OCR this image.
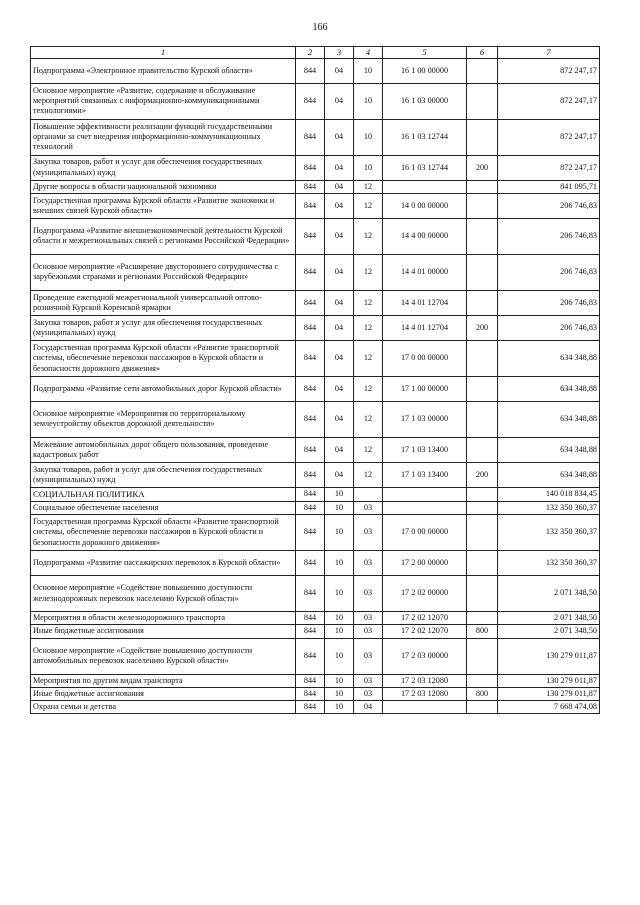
166
1	2	3	4	5	6	7
Подпрограмма «Электронное правительство Курской области»	844	04	10	16 1 00 00000		872 247,17
Основное мероприятие «Развитие, содержание и обслуживание мероприятий связанных с информационно-коммуникационными технологиями»	844	04	10	16 1 03 00000		872 247,17
Повышение эффективности реализации функций государственными органами за счет внедрения информационно-коммуникационных технологий	844	04	10	16 1 03 12744		872 247,17
Закупка товаров, работ и услуг для обеспечения государственных (муниципальных) нужд	844	04	10	16 1 03 12744	200	872 247,17
Другие вопросы в области национальной экономики	844	04	12			841 095,71
Государственная программа Курской области «Развитие экономики и внешних связей Курской области»	844	04	12	14 0 00 00000		206 746,83
Подпрограмма «Развитие внешнеэкономической деятельности Курской области и межрегиональных связей с регионами Российской Федерации»	844	04	12	14 4 00 00000		206 746,83
Основное мероприятие «Расширение двустороннего сотрудничества с зарубежными странами и регионами Российской Федерации»	844	04	12	14 4 01 00000		206 746,83
Проведение ежегодной межрегиональной универсальной оптово-розничной Курской Коренской ярмарки	844	04	12	14 4 01 12704		206 746,83
Закупка товаров, работ и услуг для обеспечения государственных (муниципальных) нужд	844	04	12	14 4 01 12704	200	206 746,83
Государственная программа Курской области «Развитие транспортной системы, обеспечение перевозки пассажиров в Курской области и безопасности дорожного движения»	844	04	12	17 0 00 00000		634 348,88
Подпрограмма «Развитие сети автомобильных дорог Курской области»	844	04	12	17 1 00 00000		634 348,88
Основное мероприятие «Мероприятия по территориальному землеустройству объектов дорожной деятельности»	844	04	12	17 1 03 00000		634 348,88
Межевание автомобильных дорог общего пользования, проведение кадастровых работ	844	04	12	17 1 03 13400		634 348,88
Закупка товаров, работ и услуг для обеспечения государственных (муниципальных) нужд	844	04	12	17 1 03 13400	200	634 348,88
СОЦИАЛЬНАЯ ПОЛИТИКА	844	10				140 018 834,45
Социальное обеспечение населения	844	10	03			132 350 360,37
Государственная программа Курской области «Развитие транспортной системы, обеспечение перевозки пассажиров в Курской области и безопасности дорожного движения»	844	10	03	17 0 00 00000		132 350 360,37
Подпрограмма «Развитие пассажирских перевозок в Курской области»	844	10	03	17 2 00 00000		132 350 360,37
Основное мероприятие «Содействие повышению доступности железнодорожных перевозок населению Курской области»	844	10	03	17 2 02 00000		2 071 348,50
Мероприятия в области железнодорожного транспорта	844	10	03	17 2 02 12070		2 071 348,50
Иные бюджетные ассигнования	844	10	03	17 2 02 12070	800	2 071 348,50
Основное мероприятие «Содействие повышению доступности автомобильных перевозок населению Курской области»	844	10	03	17 2 03 00000		130 279 011,87
Мероприятия по другим видам транспорта	844	10	03	17 2 03 12080		130 279 011,87
Иные бюджетные ассигнования	844	10	03	17 2 03 12080	800	130 279 011,87
Охрана семьи и детства	844	10	04			7 668 474,08
